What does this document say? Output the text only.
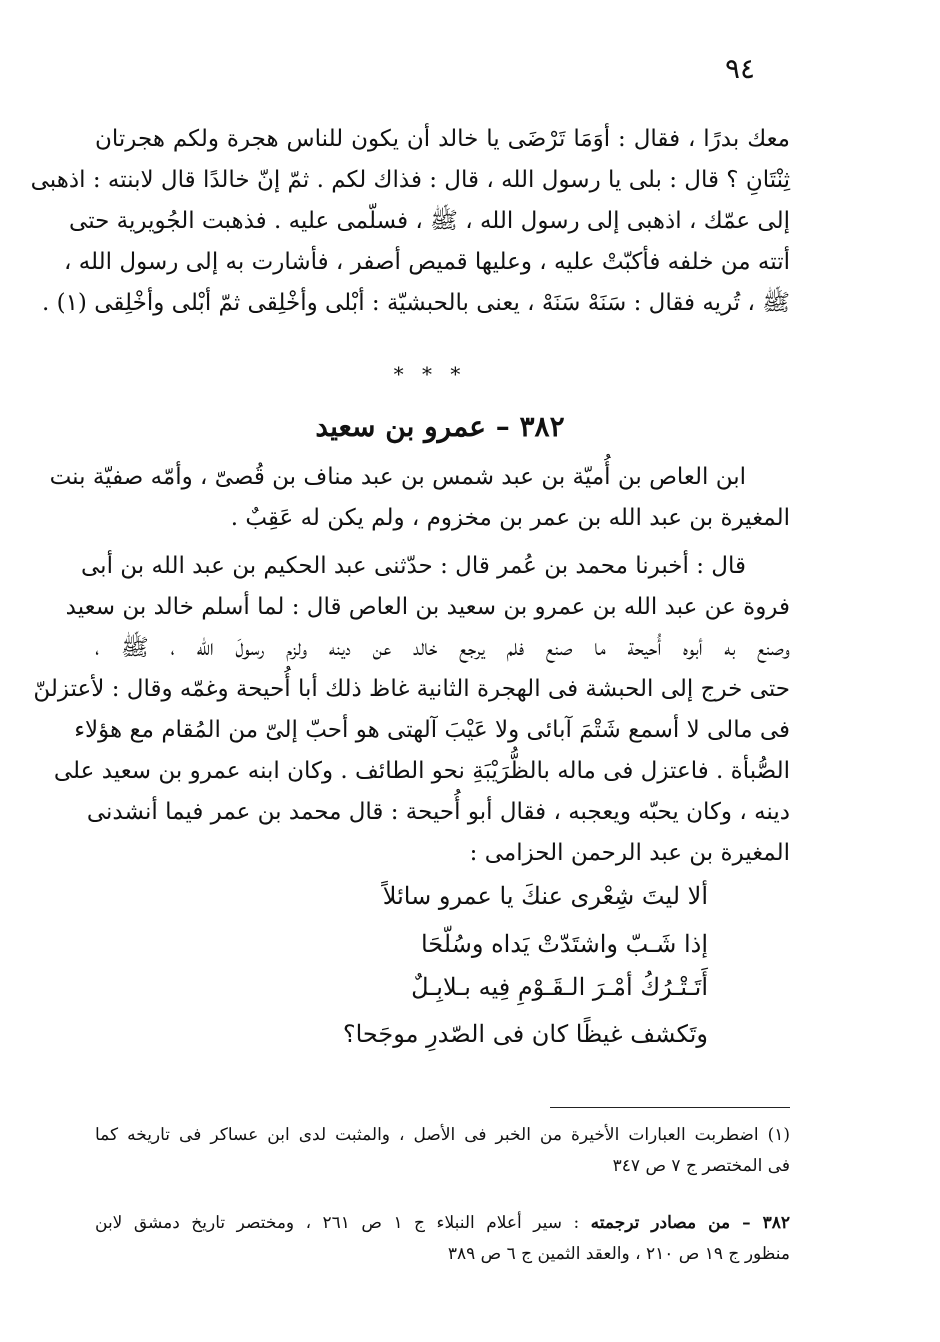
٩٤
معك بدرًا ، فقال : أوَمَا تَرْضَى يا خالد أن يكون للناس هجرة ولكم هجرتان
ثِنْتَانِ ؟ قال : بلى يا رسول الله ، قال : فذاك لكم . ثمّ إنّ خالدًا قال لابنته : اذهبى
إلى عمّك ، اذهبى إلى رسول الله ، ﷺ ، فسلّمى عليه . فذهبت الجُويرية حتى
أتته من خلفه فأكبّتْ عليه ، وعليها قميص أصفر ، فأشارت به إلى رسول الله ،
ﷺ ، تُريه فقال : سَنَهْ سَنَهْ ، يعنى بالحبشيّة : أبْلى وأخْلِقى ثمّ أبْلى وأخْلِقى (١) .
* * *
٣٨٢ – عمرو بن سعيد
ابن العاص بن أُميّة بن عبد شمس بن عبد مناف بن قُصىّ ، وأمّه صفيّة بنت
المغيرة بن عبد الله بن عمر بن مخزوم ، ولم يكن له عَقِبٌ .
قال : أخبرنا محمد بن عُمر قال : حدّثنى عبد الحكيم بن عبد الله بن أبى
فروة عن عبد الله بن عمرو بن سعيد بن العاص قال : لما أسلم خالد بن سعيد
وصنع به أبوه أُحيحة ما صنع فلم يرجع خالد عن دينه ولزم رسولَ الله ، ﷺ ،
حتى خرج إلى الحبشة فى الهجرة الثانية غاظ ذلك أبا أُحيحة وغمّه وقال : لأعتزلنّ
فى مالى لا أسمع شَتْمَ آبائى ولا عَيْبَ آلهتى هو أحبّ إلىّ من المُقام مع هؤلاء
الصُّبأة . فاعتزل فى ماله بالظُّرَيْبَةِ نحو الطائف . وكان ابنه عمرو بن سعيد على
دينه ، وكان يحبّه ويعجبه ، فقال أبو أُحيحة : قال محمد بن عمر فيما أنشدنى
المغيرة بن عبد الرحمن الحزامى :
ألا ليتَ شِعْرى عنكَ يا عمرو سائلاً
إذا شَـبّ واشتَدّتْ يَداه وسُلّحَا
أَتَـتْـرُكُ أمْـرَ الـقَـوْمِ فِيه بـلابِـلٌ
وتَكشف غيظًا كان فى الصّدرِ موجَحا؟
(١) اضطربت العبارات الأخيرة من الخبر فى الأصل ، والمثبت لدى ابن عساكر فى تاريخه كما
فى المختصر ج ٧ ص ٣٤٧
٣٨٢ – من مصادر ترجمته : سير أعلام النبلاء ج ١ ص ٢٦١ ، ومختصر تاريخ دمشق لابن
منظور ج ١٩ ص ٢١٠ ، والعقد الثمين ج ٦ ص ٣٨٩
